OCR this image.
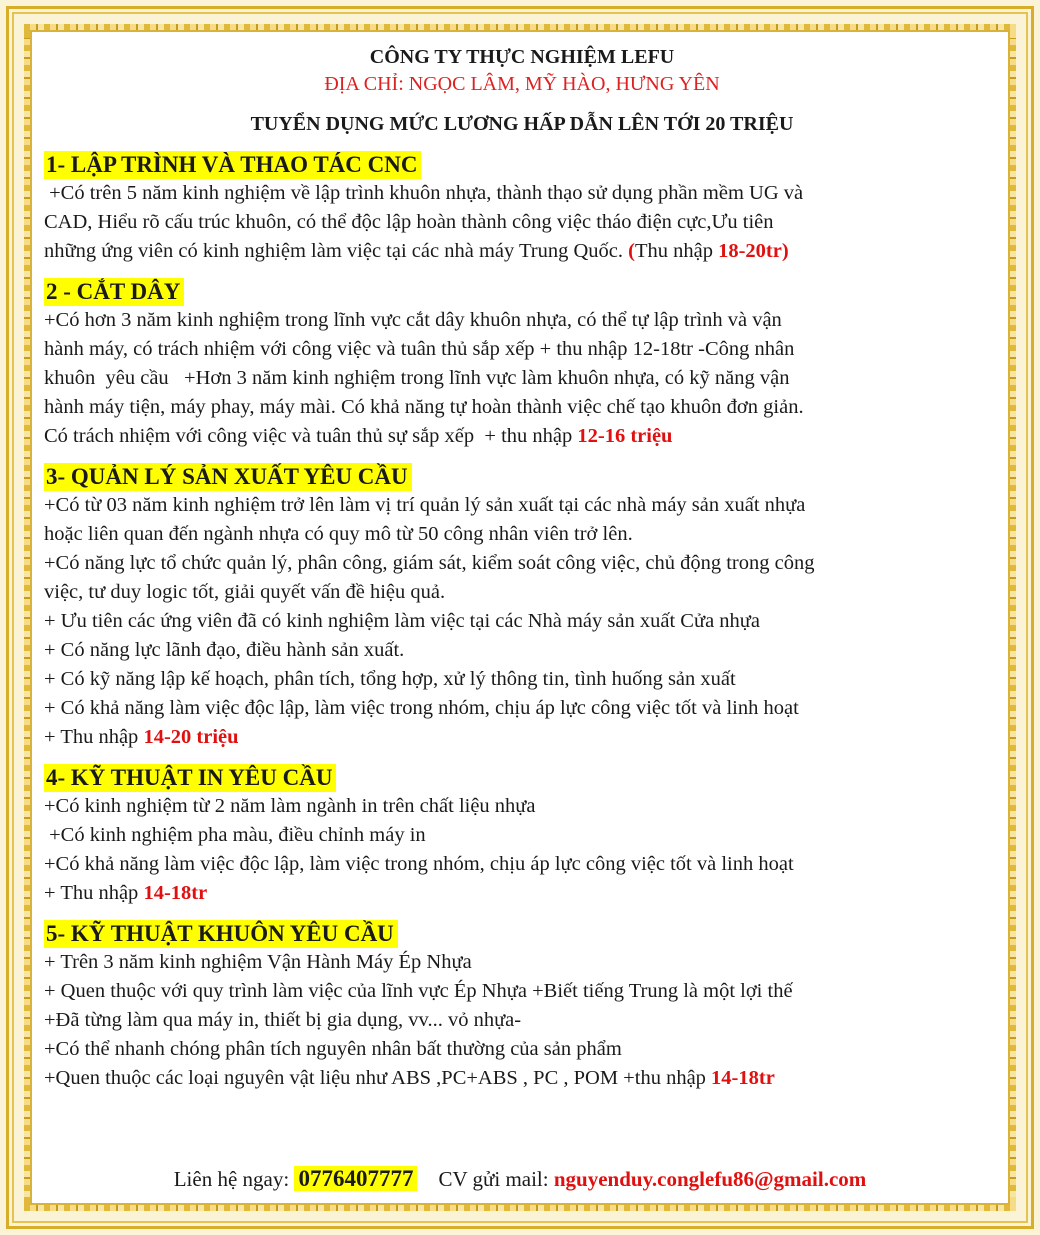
CÔNG TY THỰC NGHIỆM LEFU
ĐỊA CHỈ: NGỌC LÂM, MỸ HÀO, HƯNG YÊN
TUYỂN DỤNG MỨC LƯƠNG HẤP DẪN LÊN TỚI 20 TRIỆU
1- LẬP TRÌNH VÀ THAO TÁC CNC
+Có trên 5 năm kinh nghiệm về lập trình khuôn nhựa, thành thạo sử dụng phần mềm UG và
CAD, Hiểu rõ cấu trúc khuôn, có thể độc lập hoàn thành công việc tháo điện cực,Ưu tiên
những ứng viên có kinh nghiệm làm việc tại các nhà máy Trung Quốc. (Thu nhập 18-20tr)
2 - CẮT DÂY
+Có hơn 3 năm kinh nghiệm trong lĩnh vực cắt dây khuôn nhựa, có thể tự lập trình và vận
hành máy, có trách nhiệm với công việc và tuân thủ sắp xếp + thu nhập 12-18tr -Công nhân
khuôn  yêu cầu   +Hơn 3 năm kinh nghiệm trong lĩnh vực làm khuôn nhựa, có kỹ năng vận
hành máy tiện, máy phay, máy mài. Có khả năng tự hoàn thành việc chế tạo khuôn đơn giản.
Có trách nhiệm với công việc và tuân thủ sự sắp xếp  + thu nhập 12-16 triệu
3- QUẢN LÝ SẢN XUẤT YÊU CẦU
+Có từ 03 năm kinh nghiệm trở lên làm vị trí quản lý sản xuất tại các nhà máy sản xuất nhựa
hoặc liên quan đến ngành nhựa có quy mô từ 50 công nhân viên trở lên.
+Có năng lực tổ chức quản lý, phân công, giám sát, kiểm soát công việc, chủ động trong công
việc, tư duy logic tốt, giải quyết vấn đề hiệu quả.
+ Ưu tiên các ứng viên đã có kinh nghiệm làm việc tại các Nhà máy sản xuất Cửa nhựa
+ Có năng lực lãnh đạo, điều hành sản xuất.
+ Có kỹ năng lập kế hoạch, phân tích, tổng hợp, xử lý thông tin, tình huống sản xuất
+ Có khả năng làm việc độc lập, làm việc trong nhóm, chịu áp lực công việc tốt và linh hoạt
+ Thu nhập 14-20 triệu
4- KỸ THUẬT IN YÊU CẦU
+Có kinh nghiệm từ 2 năm làm ngành in trên chất liệu nhựa
+Có kinh nghiệm pha màu, điều chỉnh máy in
+Có khả năng làm việc độc lập, làm việc trong nhóm, chịu áp lực công việc tốt và linh hoạt
+ Thu nhập 14-18tr
5- KỸ THUẬT KHUÔN YÊU CẦU
+ Trên 3 năm kinh nghiệm Vận Hành Máy Ép Nhựa
+ Quen thuộc với quy trình làm việc của lĩnh vực Ép Nhựa +Biết tiếng Trung là một lợi thế
+Đã từng làm qua máy in, thiết bị gia dụng, vv... vỏ nhựa-
+Có thể nhanh chóng phân tích nguyên nhân bất thường của sản phẩm
+Quen thuộc các loại nguyên vật liệu như ABS ,PC+ABS , PC , POM +thu nhập 14-18tr
Liên hệ ngay: 0776407777 CV gửi mail: nguyenduy.conglefu86@gmail.com
